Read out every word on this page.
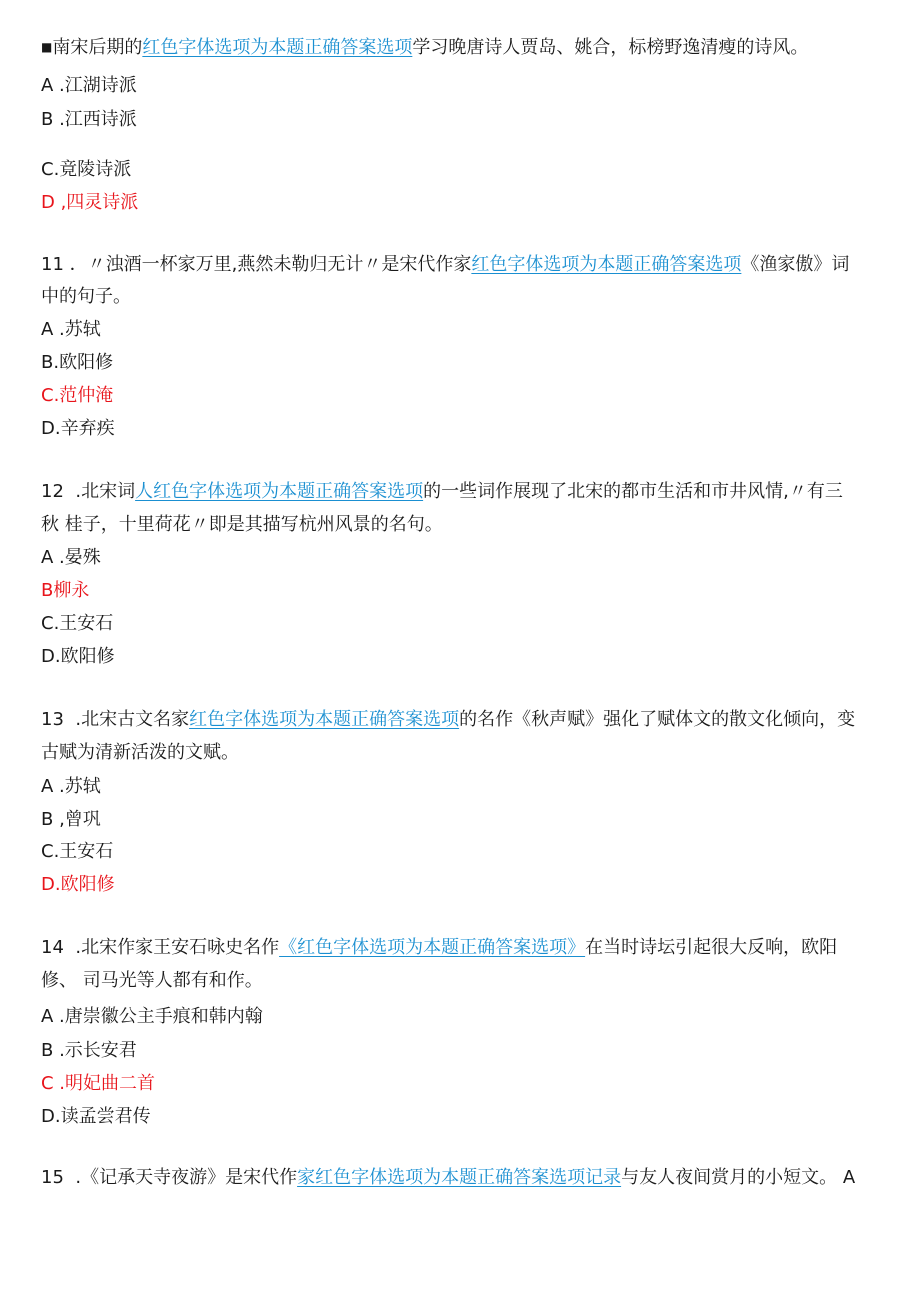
■南宋后期的红色字体选项为本题正确答案选项学习晚唐诗人贾岛、姚合，标榜野逸清瘦的诗风。
A .江湖诗派
B .江西诗派
C.竟陵诗派
D ,四灵诗派
11 ．〃浊酒一杯家万里,燕然未勒归无计〃是宋代作家红色字体选项为本题正确答案选项《渔家傲》词
中的句子。
A .苏轼
B.欧阳修
C.范仲淹
D.辛弃疾
12 .北宋词人红色字体选项为本题正确答案选项的一些词作展现了北宋的都市生活和市井风情,〃有三
秋 桂子，十里荷花〃即是其描写杭州风景的名句。
A .晏殊
B柳永
C.王安石
D.欧阳修
13 .北宋古文名家红色字体选项为本题正确答案选项的名作《秋声赋》强化了赋体文的散文化倾向，变
古赋为清新活泼的文赋。
A .苏轼
B ,曾巩
C.王安石
D.欧阳修
14 .北宋作家王安石咏史名作《红色字体选项为本题正确答案选项》在当时诗坛引起很大反响，欧阳
修、 司马光等人都有和作。
A .唐崇徽公主手痕和韩内翰
B .示长安君
C .明妃曲二首
D.读孟尝君传
15 .《记承天寺夜游》是宋代作家红色字体选项为本题正确答案选项记录与友人夜间赏月的小短文。 A
